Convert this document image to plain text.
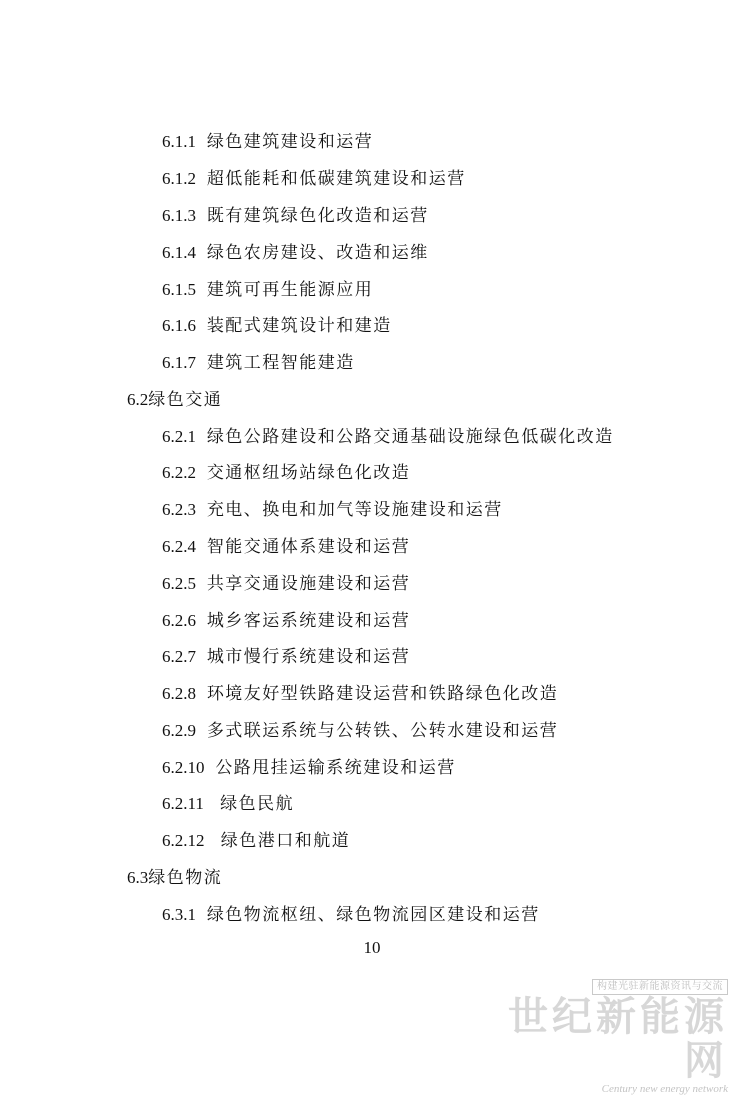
6.1.1 绿色建筑建设和运营
6.1.2 超低能耗和低碳建筑建设和运营
6.1.3 既有建筑绿色化改造和运营
6.1.4 绿色农房建设、改造和运维
6.1.5 建筑可再生能源应用
6.1.6 装配式建筑设计和建造
6.1.7 建筑工程智能建造
6.2绿色交通
6.2.1 绿色公路建设和公路交通基础设施绿色低碳化改造
6.2.2 交通枢纽场站绿色化改造
6.2.3 充电、换电和加气等设施建设和运营
6.2.4 智能交通体系建设和运营
6.2.5 共享交通设施建设和运营
6.2.6 城乡客运系统建设和运营
6.2.7 城市慢行系统建设和运营
6.2.8 环境友好型铁路建设运营和铁路绿色化改造
6.2.9 多式联运系统与公转铁、公转水建设和运营
6.2.10 公路甩挂运输系统建设和运营
6.2.11 绿色民航
6.2.12 绿色港口和航道
6.3绿色物流
6.3.1 绿色物流枢纽、绿色物流园区建设和运营
10
构建光驻新能源资讯与交流
世纪新能源网
Century new energy network
